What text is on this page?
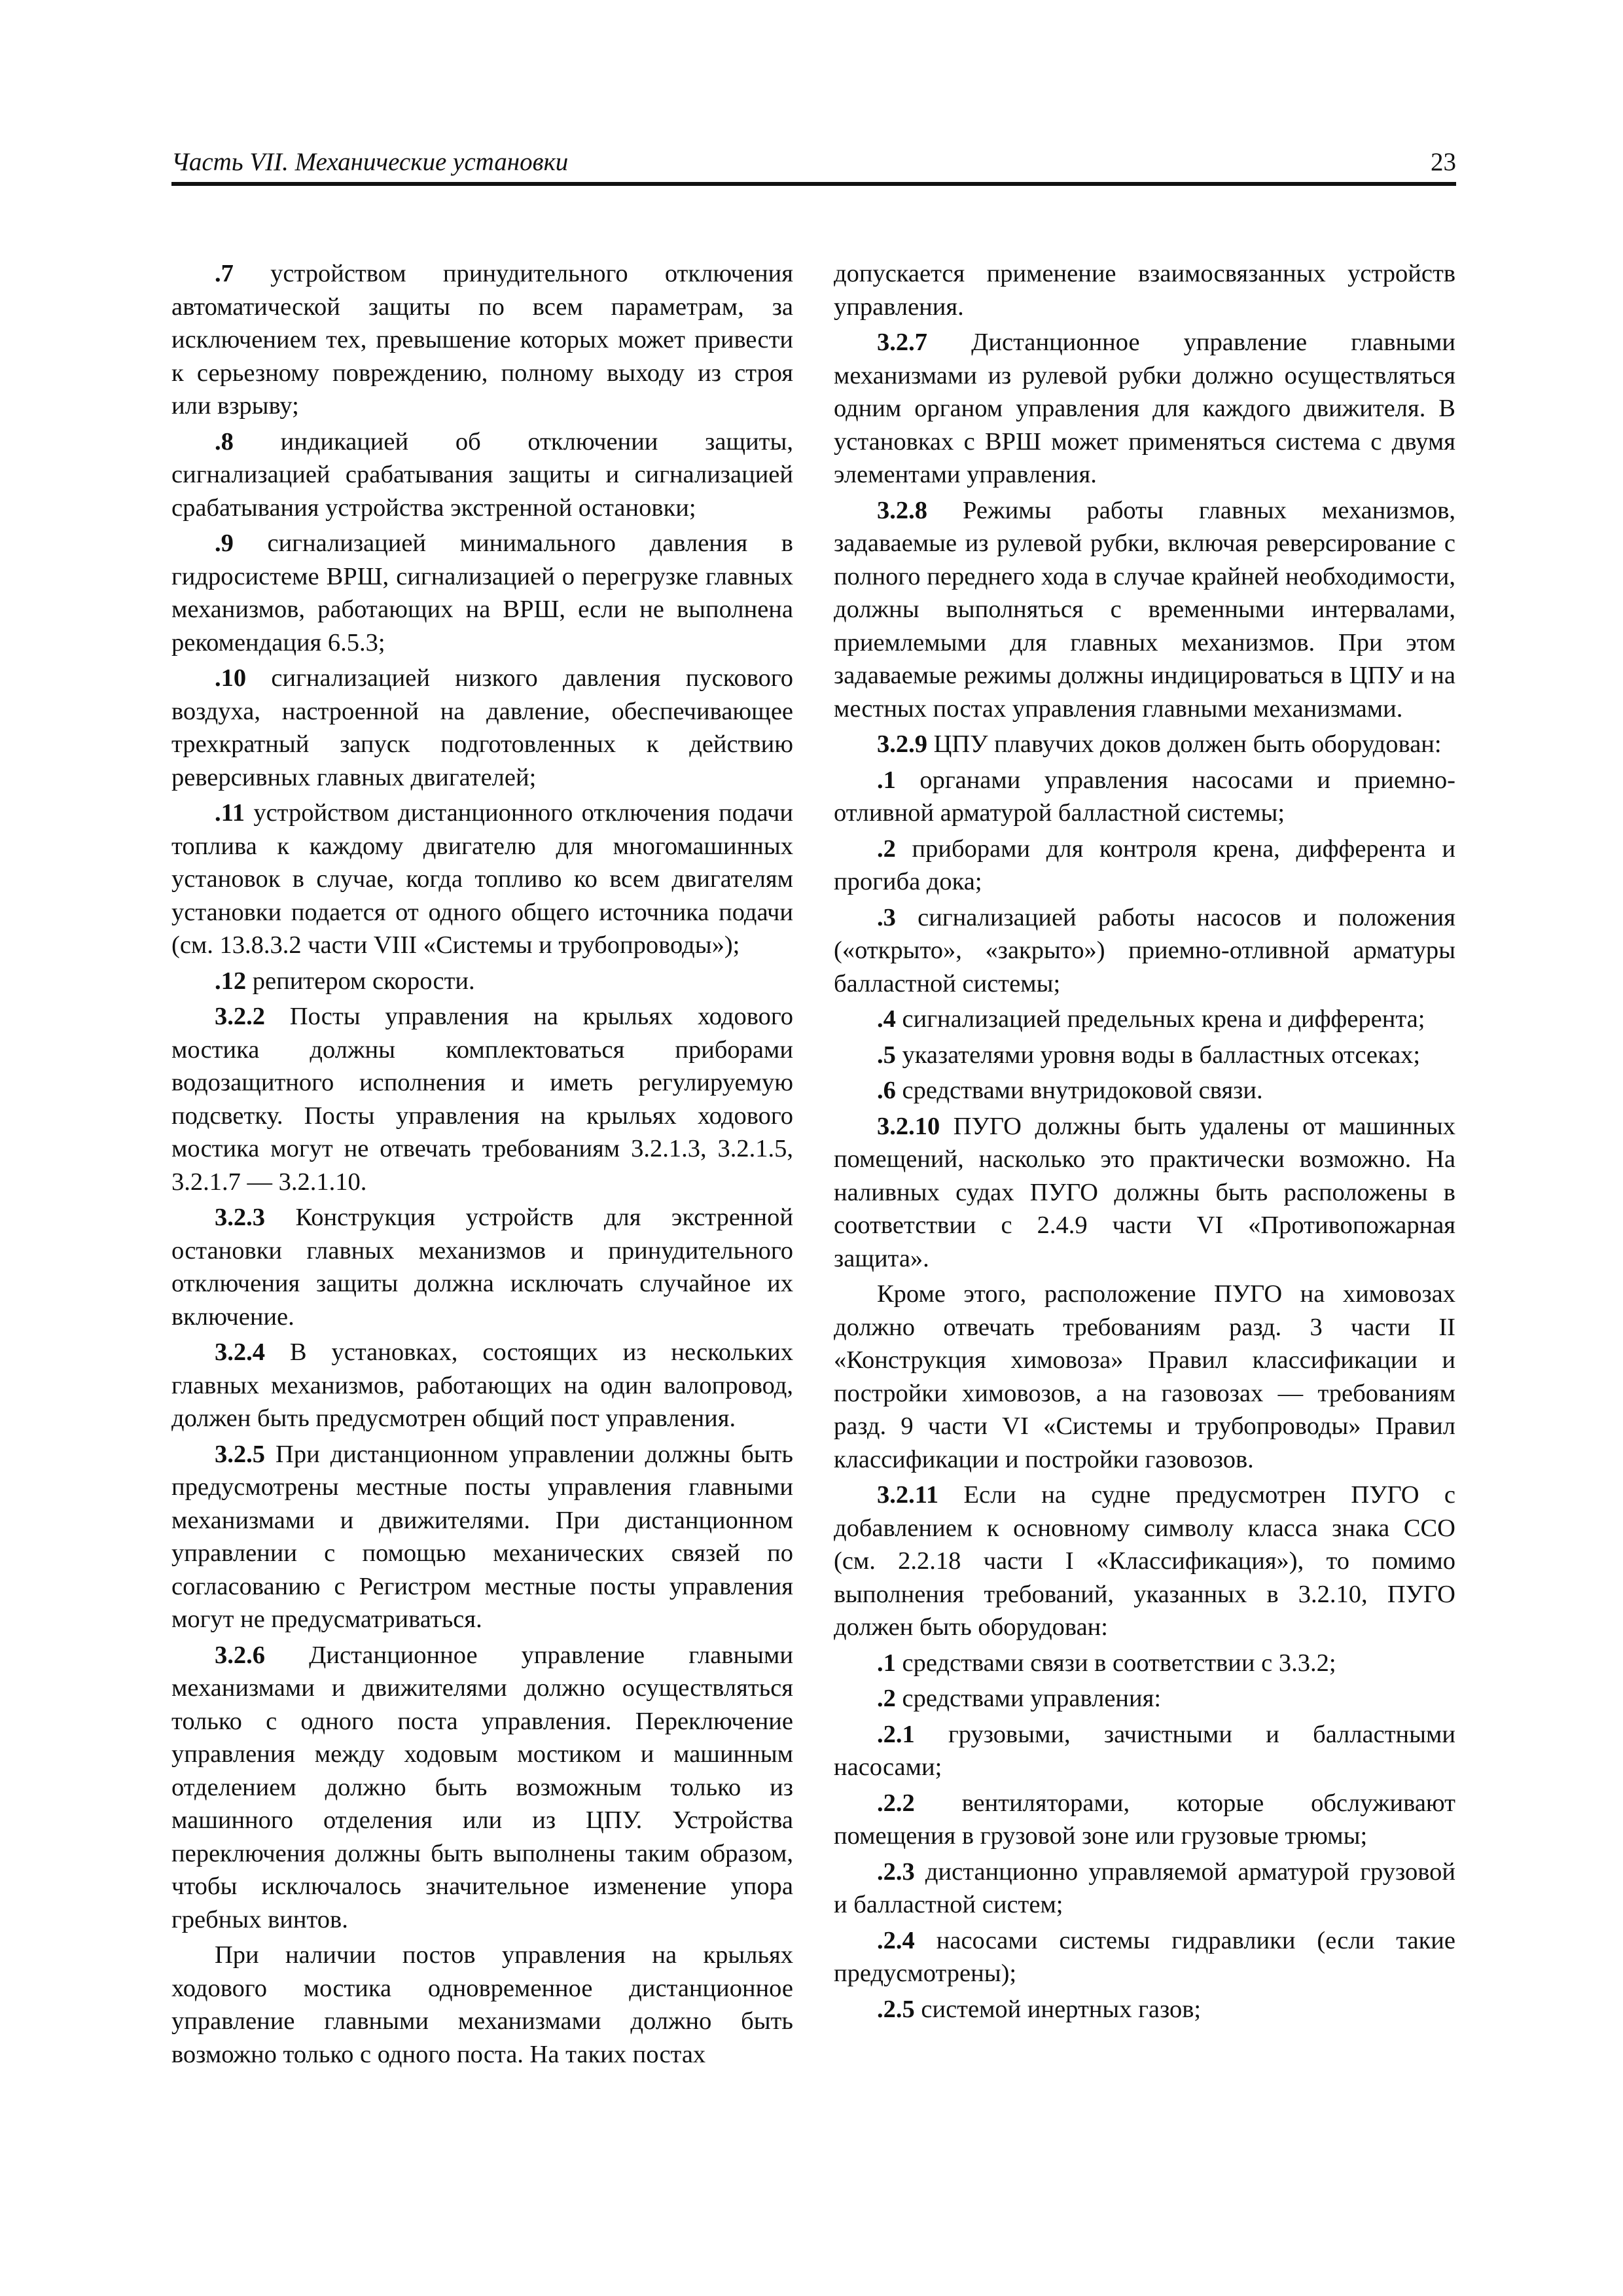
Часть VII. Механические установки	23

.7 устройством принудительного отключения автоматической защиты по всем параметрам, за исключением тех, превышение которых может привести к серьезному повреждению, полному выходу из строя или взрыву;

.8 индикацией об отключении защиты, сигнализацией срабатывания защиты и сигнализацией срабатывания устройства экстренной остановки;

.9 сигнализацией минимального давления в гидросистеме ВРШ, сигнализацией о перегрузке главных механизмов, работающих на ВРШ, если не выполнена рекомендация 6.5.3;

.10 сигнализацией низкого давления пускового воздуха, настроенной на давление, обеспечивающее трехкратный запуск подготовленных к действию реверсивных главных двигателей;

.11 устройством дистанционного отключения подачи топлива к каждому двигателю для многомашинных установок в случае, когда топливо ко всем двигателям установки подается от одного общего источника подачи (см. 13.8.3.2 части VIII «Системы и трубопроводы»);

.12 репитером скорости.

3.2.2 Посты управления на крыльях ходового мостика должны комплектоваться приборами водозащитного исполнения и иметь регулируемую подсветку. Посты управления на крыльях ходового мостика могут не отвечать требованиям 3.2.1.3, 3.2.1.5, 3.2.1.7 — 3.2.1.10.

3.2.3 Конструкция устройств для экстренной остановки главных механизмов и принудительного отключения защиты должна исключать случайное их включение.

3.2.4 В установках, состоящих из нескольких главных механизмов, работающих на один валопровод, должен быть предусмотрен общий пост управления.

3.2.5 При дистанционном управлении должны быть предусмотрены местные посты управления главными механизмами и движителями. При дистанционном управлении с помощью механических связей по согласованию с Регистром местные посты управления могут не предусматриваться.

3.2.6 Дистанционное управление главными механизмами и движителями должно осуществляться только с одного поста управления. Переключение управления между ходовым мостиком и машинным отделением должно быть возможным только из машинного отделения или из ЦПУ. Устройства переключения должны быть выполнены таким образом, чтобы исключалось значительное изменение упора гребных винтов.

При наличии постов управления на крыльях ходового мостика одновременное дистанционное управление главными механизмами должно быть возможно только с одного поста. На таких постах

допускается применение взаимосвязанных устройств управления.

3.2.7 Дистанционное управление главными механизмами из рулевой рубки должно осуществляться одним органом управления для каждого движителя. В установках с ВРШ может применяться система с двумя элементами управления.

3.2.8 Режимы работы главных механизмов, задаваемые из рулевой рубки, включая реверсирование с полного переднего хода в случае крайней необходимости, должны выполняться с временными интервалами, приемлемыми для главных механизмов. При этом задаваемые режимы должны индицироваться в ЦПУ и на местных постах управления главными механизмами.

3.2.9 ЦПУ плавучих доков должен быть оборудован:

.1 органами управления насосами и приемно-отливной арматурой балластной системы;

.2 приборами для контроля крена, дифферента и прогиба дока;

.3 сигнализацией работы насосов и положения («открыто», «закрыто») приемно-отливной арматуры балластной системы;

.4 сигнализацией предельных крена и дифферента;

.5 указателями уровня воды в балластных отсеках;

.6 средствами внутридоковой связи.

3.2.10 ПУГО должны быть удалены от машинных помещений, насколько это практически возможно. На наливных судах ПУГО должны быть расположены в соответствии с 2.4.9 части VI «Противопожарная защита».

Кроме этого, расположение ПУГО на химовозах должно отвечать требованиям разд. 3 части II «Конструкция химовоза» Правил классификации и постройки химовозов, а на газовозах — требованиям разд. 9 части VI «Системы и трубопроводы» Правил классификации и постройки газовозов.

3.2.11 Если на судне предусмотрен ПУГО с добавлением к основному символу класса знака CCO (см. 2.2.18 части I «Классификация»), то помимо выполнения требований, указанных в 3.2.10, ПУГО должен быть оборудован:

.1 средствами связи в соответствии с 3.3.2;

.2 средствами управления:

.2.1 грузовыми, зачистными и балластными насосами;

.2.2 вентиляторами, которые обслуживают помещения в грузовой зоне или грузовые трюмы;

.2.3 дистанционно управляемой арматурой грузовой и балластной систем;

.2.4 насосами системы гидравлики (если такие предусмотрены);

.2.5 системой инертных газов;
